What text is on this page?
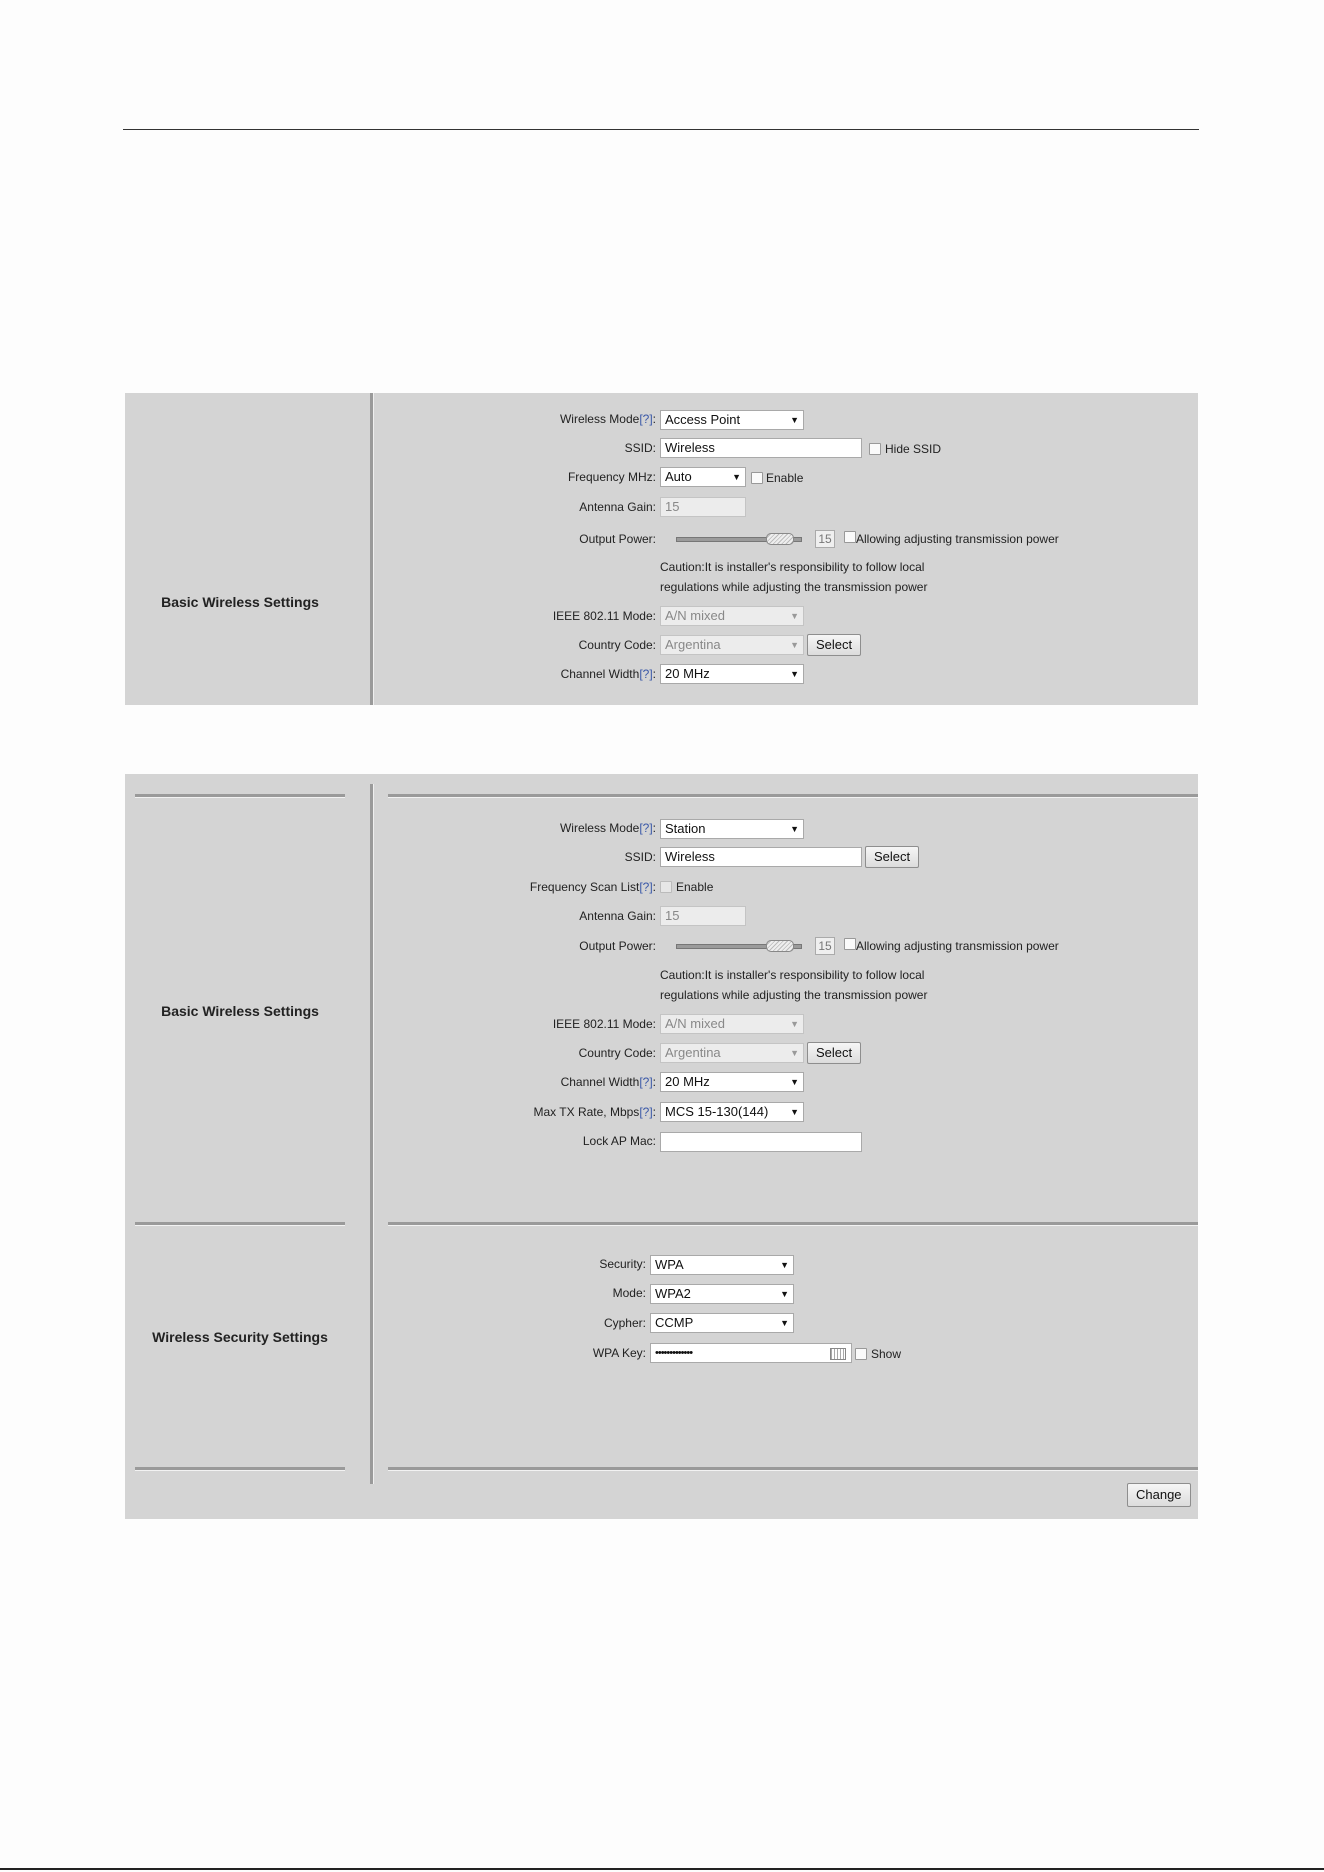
Basic Wireless Settings
Wireless Mode[?]: Access Point	▼
SSID: Wireless	Hide SSID
Frequency MHz: Auto	▼ Enable
Antenna Gain: 15
Output Power:	15 Allowing adjusting transmission power
Caution:It is installer's responsibility to follow local
regulations while adjusting the transmission power
IEEE 802.11 Mode: A/N mixed	▼
Country Code: Argentina	▼	Select
Channel Width[?]: 20 MHz	▼
Basic Wireless Settings
Wireless Security Settings
Wireless Mode[?]: Station	▼
SSID: Wireless	Select
Frequency Scan List[?]: Enable
Antenna Gain: 15
Output Power:	15 Allowing adjusting transmission power
Caution:It is installer's responsibility to follow local
regulations while adjusting the transmission power
IEEE 802.11 Mode: A/N mixed	▼
Country Code: Argentina	▼	Select
Channel Width[?]: 20 MHz	▼
Max TX Rate, Mbps[?]: MCS 15-130(144) ▼
Lock AP Mac:
Security: WPA	▼
Mode: WPA2	▼
Cypher: CCMP	▼
WPA Key: •••••••••••••	Show
Change
